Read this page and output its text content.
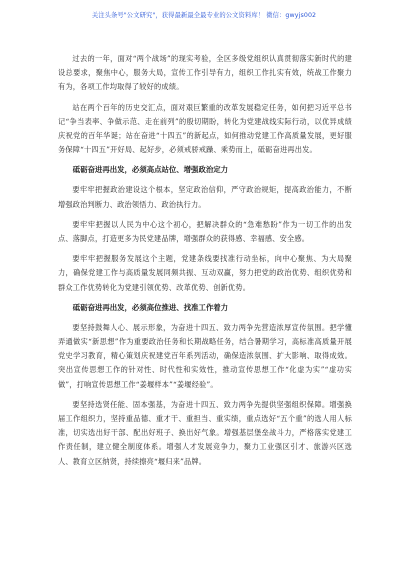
关注头条号"公文研究"，获得最新最全最专业的公文资料库！ 微信：gwyjs002

过去的一年，面对“两个战场”的现实考验，全区多级党组织认真贯彻落实新时代的建设总要求，聚焦中心，服务大局，宣传工作引导有力，组织工作扎实有效，统战工作聚力有为，各项工作均取得了较好的成绩。

站在两个百年的历史交汇点，面对艰巨繁重的改革发展稳定任务，如何把习近平总书记“争当表率、争做示范、走在前列”的殷切期盼，转化为党建战线实际行动，以优异成绩庆祝党的百年华诞；站在奋进“十四五”的新起点，如何推动党建工作高质量发展，更好服务保障“十四五”开好局、起好步，必须戒骄戒躁、乘势而上，砥砺奋进再出发。

砥砺奋进再出发，必须高点站位、增强政治定力

要牢牢把握政治建设这个根本，坚定政治信仰，严守政治规矩，提高政治能力，不断增强政治判断力、政治领悟力、政治执行力。

要牢牢把握以人民为中心这个初心，把解决群众的“急难愁盼”作为一切工作的出发点、落脚点，打造更多为民党建品牌，增强群众的获得感、幸福感、安全感。

要牢牢把握服务发展这个主题，党建条线要找准行动坐标，向中心聚焦、为大局聚力，确保党建工作与高质量发展同频共振、互动双赢，努力把党的政治优势、组织优势和群众工作优势转化为党建引领优势、改革优势、创新优势。

砥砺奋进再出发，必须高位推进、找准工作着力

要坚持鼓舞人心、展示形象，为奋进十四五、致力两争先营造浓厚宣传氛围。把学懂弄通做实“新思想”作为重要政治任务和长期战略任务，结合暑期学习，高标准高质量开展党史学习教育，精心策划庆祝建党百年系列活动，确保造浓氛围、扩大影响、取得成效。突出宣传思想工作的针对性、时代性和实效性，推动宣传思想工作“化虚为实”“虚功实做”，打响宣传思想工作“姜堰样本”“姜堰经验”。

要坚持选贤任能、固本强基，为奋进十四五、致力两争先提供坚强组织保障。增强换届工作组织力，坚持重品德、重才干、重担当、重实绩，重点选好“五个重”的选人用人标准，切实选出好干部、配出好班子、换出好气象。增强基层堡垒战斗力，严格落实党建工作责任制，建立健全制度体系。增强人才发展竞争力，聚力工业强区引才、旅游兴区选人、教育立区纳贤，持续擦亮“堰归来”品牌。
